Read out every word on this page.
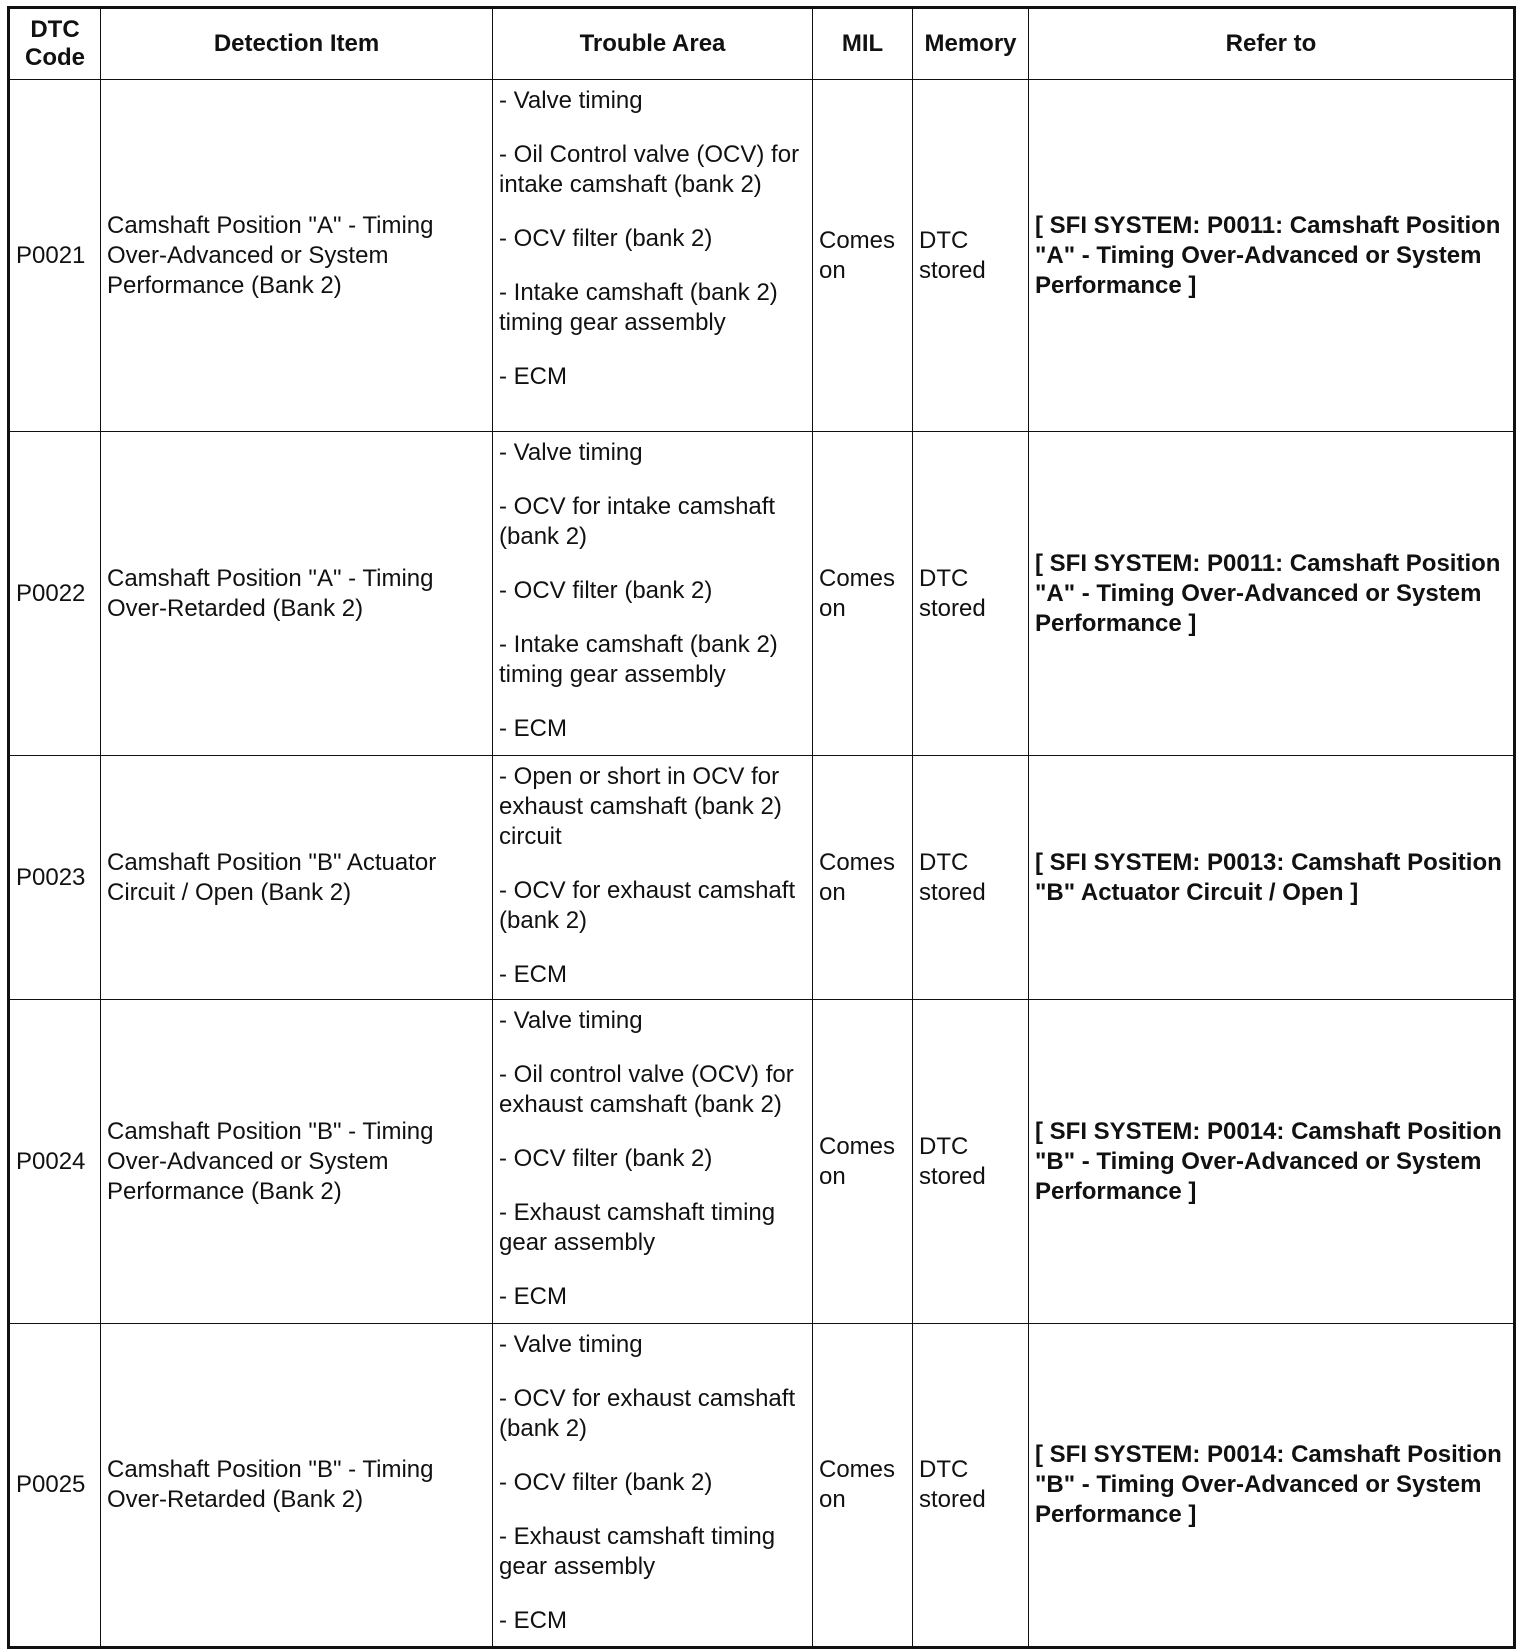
DTC Code	Detection Item	Trouble Area	MIL	Memory	Refer to
P0021	Camshaft Position "A" - Timing Over-Advanced or System Performance (Bank 2)	- Valve timing
- Oil Control valve (OCV) for intake camshaft (bank 2)
- OCV filter (bank 2)
- Intake camshaft (bank 2) timing gear assembly
- ECM	Comes on	DTC stored	[ SFI SYSTEM: P0011: Camshaft Position "A" - Timing Over-Advanced or System Performance ]
P0022	Camshaft Position "A" - Timing Over-Retarded (Bank 2)	- Valve timing
- OCV for intake camshaft (bank 2)
- OCV filter (bank 2)
- Intake camshaft (bank 2) timing gear assembly
- ECM	Comes on	DTC stored	[ SFI SYSTEM: P0011: Camshaft Position "A" - Timing Over-Advanced or System Performance ]
P0023	Camshaft Position "B" Actuator Circuit / Open (Bank 2)	- Open or short in OCV for exhaust camshaft (bank 2) circuit
- OCV for exhaust camshaft (bank 2)
- ECM	Comes on	DTC stored	[ SFI SYSTEM: P0013: Camshaft Position "B" Actuator Circuit / Open ]
P0024	Camshaft Position "B" - Timing Over-Advanced or System Performance (Bank 2)	- Valve timing
- Oil control valve (OCV) for exhaust camshaft (bank 2)
- OCV filter (bank 2)
- Exhaust camshaft timing gear assembly
- ECM	Comes on	DTC stored	[ SFI SYSTEM: P0014: Camshaft Position "B" - Timing Over-Advanced or System Performance ]
P0025	Camshaft Position "B" - Timing Over-Retarded (Bank 2)	- Valve timing
- OCV for exhaust camshaft (bank 2)
- OCV filter (bank 2)
- Exhaust camshaft timing gear assembly
- ECM	Comes on	DTC stored	[ SFI SYSTEM: P0014: Camshaft Position "B" - Timing Over-Advanced or System Performance ]
